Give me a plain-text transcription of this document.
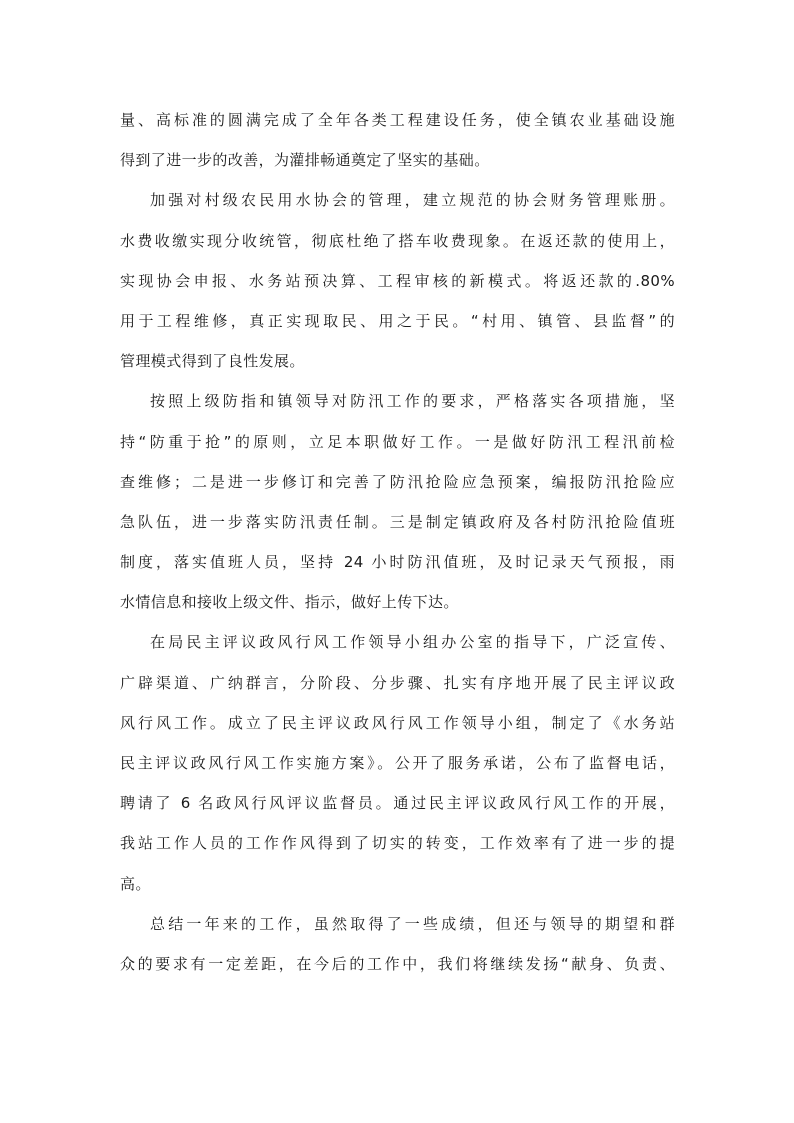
量、高标准的圆满完成了全年各类工程建设任务，使全镇农业基础设施
得到了进一步的改善，为灌排畅通奠定了坚实的基础。
加强对村级农民用水协会的管理，建立规范的协会财务管理账册。
水费收缴实现分收统管，彻底杜绝了搭车收费现象。在返还款的使用上，
实现协会申报、水务站预决算、工程审核的新模式。将返还款的.80%
用于工程维修，真正实现取民、用之于民。“村用、镇管、县监督”的
管理模式得到了良性发展。
按照上级防指和镇领导对防汛工作的要求，严格落实各项措施，坚
持“防重于抢”的原则，立足本职做好工作。一是做好防汛工程汛前检
查维修；二是进一步修订和完善了防汛抢险应急预案，编报防汛抢险应
急队伍，进一步落实防汛责任制。三是制定镇政府及各村防汛抢险值班
制度，落实值班人员，坚持 24 小时防汛值班，及时记录天气预报，雨
水情信息和接收上级文件、指示，做好上传下达。
在局民主评议政风行风工作领导小组办公室的指导下，广泛宣传、
广辟渠道、广纳群言，分阶段、分步骤、扎实有序地开展了民主评议政
风行风工作。成立了民主评议政风行风工作领导小组，制定了《水务站
民主评议政风行风工作实施方案》。公开了服务承诺，公布了监督电话，
聘请了 6 名政风行风评议监督员。通过民主评议政风行风工作的开展，
我站工作人员的工作作风得到了切实的转变，工作效率有了进一步的提
高。
总结一年来的工作，虽然取得了一些成绩，但还与领导的期望和群
众的要求有一定差距，在今后的工作中，我们将继续发扬“献身、负责、
